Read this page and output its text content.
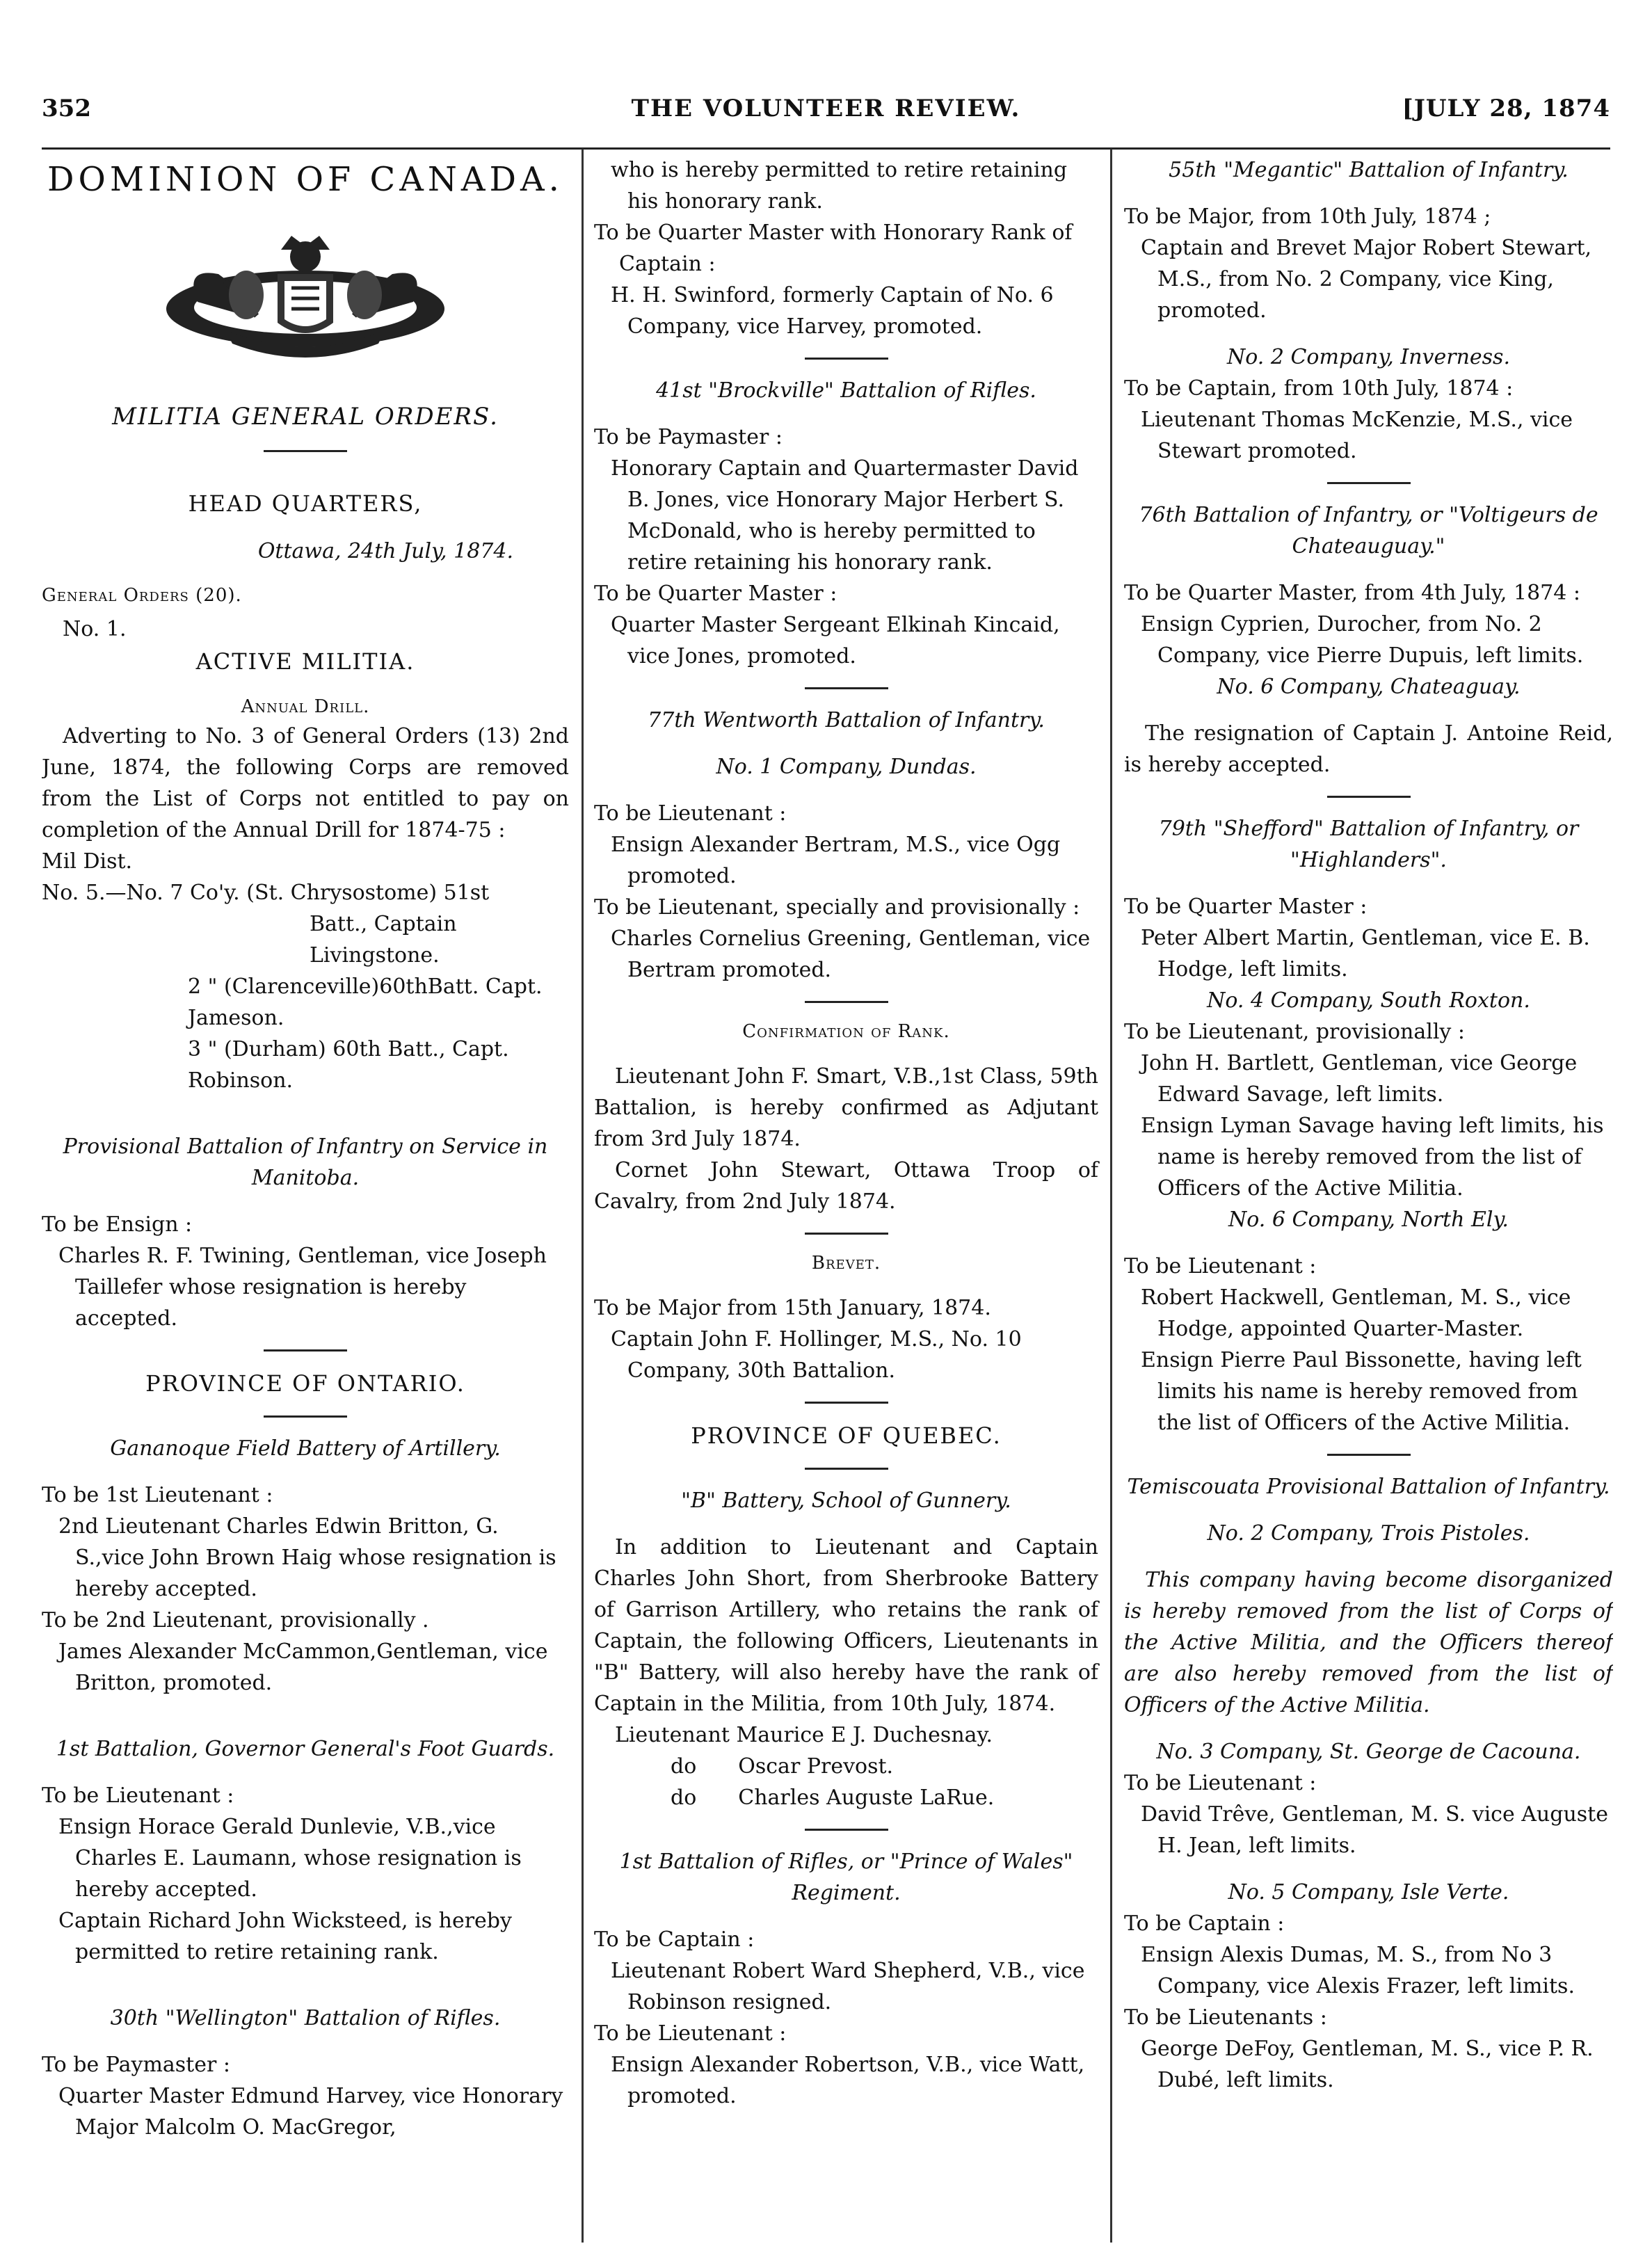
352	THE VOLUNTEER REVIEW.	[JULY 28, 1874
DOMINION OF CANADA.
MILITIA GENERAL ORDERS.
HEAD QUARTERS,
Ottawa, 24th July, 1874.
General Orders (20).
No. 1.
ACTIVE MILITIA.
Annual Drill.
Adverting to No. 3 of General Orders (13) 2nd June, 1874, the following Corps are removed from the List of Corps not entitled to pay on completion of the Annual Drill for 1874-75 :
Mil Dist.
No. 5.—No. 7 Co'y. (St. Chrysostome) 51st
Batt., Captain Livingstone.
2 " (Clarenceville)60thBatt. Capt. Jameson.
3 " (Durham) 60th Batt., Capt. Robinson.
Provisional Battalion of Infantry on Service in Manitoba.
To be Ensign :
Charles R. F. Twining, Gentleman, vice Joseph Taillefer whose resignation is hereby accepted.
PROVINCE OF ONTARIO.
Gananoque Field Battery of Artillery.
To be 1st Lieutenant :
2nd Lieutenant Charles Edwin Britton, G. S.,vice John Brown Haig whose resignation is hereby accepted.
To be 2nd Lieutenant, provisionally .
James Alexander McCammon,Gentleman, vice Britton, promoted.
1st Battalion, Governor General's Foot Guards.
To be Lieutenant :
Ensign Horace Gerald Dunlevie, V.B.,vice Charles E. Laumann, whose resignation is hereby accepted.
Captain Richard John Wicksteed, is hereby permitted to retire retaining rank.
30th "Wellington" Battalion of Rifles.
To be Paymaster :
Quarter Master Edmund Harvey, vice Honorary Major Malcolm O. MacGregor,
who is hereby permitted to retire retaining his honorary rank.
To be Quarter Master with Honorary Rank of Captain :
H. H. Swinford, formerly Captain of No. 6 Company, vice Harvey, promoted.
41st "Brockville" Battalion of Rifles.
To be Paymaster :
Honorary Captain and Quartermaster David B. Jones, vice Honorary Major Herbert S. McDonald, who is hereby permitted to retire retaining his honorary rank.
To be Quarter Master :
Quarter Master Sergeant Elkinah Kincaid, vice Jones, promoted.
77th Wentworth Battalion of Infantry.
No. 1 Company, Dundas.
To be Lieutenant :
Ensign Alexander Bertram, M.S., vice Ogg promoted.
To be Lieutenant, specially and provisionally :
Charles Cornelius Greening, Gentleman, vice Bertram promoted.
Confirmation of Rank.
Lieutenant John F. Smart, V.B.,1st Class, 59th Battalion, is hereby confirmed as Adjutant from 3rd July 1874.
Cornet John Stewart, Ottawa Troop of Cavalry, from 2nd July 1874.
Brevet.
To be Major from 15th January, 1874.
Captain John F. Hollinger, M.S., No. 10 Company, 30th Battalion.
PROVINCE OF QUEBEC.
"B" Battery, School of Gunnery.
In addition to Lieutenant and Captain Charles John Short, from Sherbrooke Battery of Garrison Artillery, who retains the rank of Captain, the following Officers, Lieutenants in "B" Battery, will also hereby have the rank of Captain in the Militia, from 10th July, 1874.
Lieutenant Maurice E J. Duchesnay.
do Oscar Prevost.
do Charles Auguste LaRue.
1st Battalion of Rifles, or "Prince of Wales" Regiment.
To be Captain :
Lieutenant Robert Ward Shepherd, V.B., vice Robinson resigned.
To be Lieutenant :
Ensign Alexander Robertson, V.B., vice Watt, promoted.
55th "Megantic" Battalion of Infantry.
To be Major, from 10th July, 1874 ;
Captain and Brevet Major Robert Stewart, M.S., from No. 2 Company, vice King, promoted.
No. 2 Company, Inverness.
To be Captain, from 10th July, 1874 :
Lieutenant Thomas McKenzie, M.S., vice Stewart promoted.
76th Battalion of Infantry, or "Voltigeurs de Chateauguay."
To be Quarter Master, from 4th July, 1874 :
Ensign Cyprien, Durocher, from No. 2 Company, vice Pierre Dupuis, left limits.
No. 6 Company, Chateaguay.
The resignation of Captain J. Antoine Reid, is hereby accepted.
79th "Shefford" Battalion of Infantry, or "Highlanders".
To be Quarter Master :
Peter Albert Martin, Gentleman, vice E. B. Hodge, left limits.
No. 4 Company, South Roxton.
To be Lieutenant, provisionally :
John H. Bartlett, Gentleman, vice George Edward Savage, left limits.
Ensign Lyman Savage having left limits, his name is hereby removed from the list of Officers of the Active Militia.
No. 6 Company, North Ely.
To be Lieutenant :
Robert Hackwell, Gentleman, M. S., vice Hodge, appointed Quarter-Master.
Ensign Pierre Paul Bissonette, having left limits his name is hereby removed from the list of Officers of the Active Militia.
Temiscouata Provisional Battalion of Infantry.
No. 2 Company, Trois Pistoles.
This company having become disorganized is hereby removed from the list of Corps of the Active Militia, and the Officers thereof are also hereby removed from the list of Officers of the Active Militia.
No. 3 Company, St. George de Cacouna.
To be Lieutenant :
David Trêve, Gentleman, M. S. vice Auguste H. Jean, left limits.
No. 5 Company, Isle Verte.
To be Captain :
Ensign Alexis Dumas, M. S., from No 3 Company, vice Alexis Frazer, left limits.
To be Lieutenants :
George DeFoy, Gentleman, M. S., vice P. R. Dubé, left limits.
